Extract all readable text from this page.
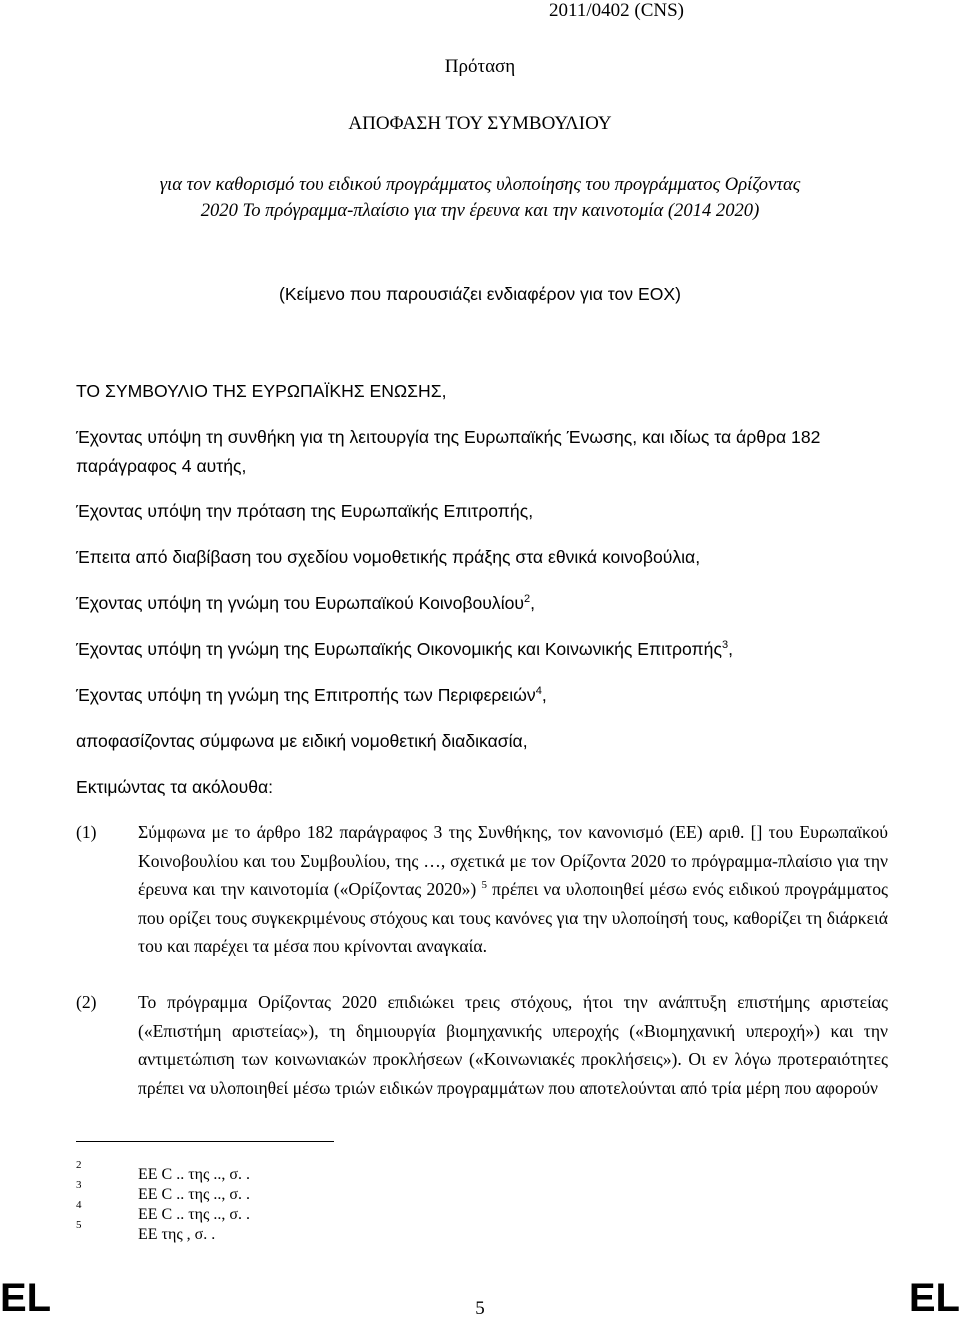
2011/0402 (CNS)
Πρόταση
ΑΠΟΦΑΣΗ ΤΟΥ ΣΥΜΒΟΥΛΙΟΥ
για τον καθορισμό του ειδικού προγράμματος υλοποίησης του προγράμματος Ορίζοντας
2020 Το πρόγραμμα-πλαίσιο για την έρευνα και την καινοτομία (2014 2020)
(Κείμενο που παρουσιάζει ενδιαφέρον για τον ΕΟΧ)
ΤΟ ΣΥΜΒΟΥΛΙΟ ΤΗΣ ΕΥΡΩΠΑΪΚΗΣ ΕΝΩΣΗΣ,
Έχοντας υπόψη τη συνθήκη για τη λειτουργία της Ευρωπαϊκής Ένωσης, και ιδίως τα άρθρα 182 παράγραφος 4 αυτής,
Έχοντας υπόψη την πρόταση της Ευρωπαϊκής Επιτροπής,
Έπειτα από διαβίβαση του σχεδίου νομοθετικής πράξης στα εθνικά κοινοβούλια,
Έχοντας υπόψη τη γνώμη του Ευρωπαϊκού Κοινοβουλίου$^2$,
Έχοντας υπόψη τη γνώμη της Ευρωπαϊκής Οικονομικής και Κοινωνικής Επιτροπής$^3$,
Έχοντας υπόψη τη γνώμη της Επιτροπής των Περιφερειών$^4$,
αποφασίζοντας σύμφωνα με ειδική νομοθετική διαδικασία,
Εκτιμώντας τα ακόλουθα:
(1) Σύμφωνα με το άρθρο 182 παράγραφος 3 της Συνθήκης, τον κανονισμό (ΕΕ) αριθ. [] του Ευρωπαϊκού Κοινοβουλίου και του Συμβουλίου, της …, σχετικά με τον Ορίζοντα 2020 το πρόγραμμα-πλαίσιο για την έρευνα και την καινοτομία («Ορίζοντας 2020») $^5$ πρέπει να υλοποιηθεί μέσω ενός ειδικού προγράμματος που ορίζει τους συγκεκριμένους στόχους και τους κανόνες για την υλοποίησή τους, καθορίζει τη διάρκειά του και παρέχει τα μέσα που κρίνονται αναγκαία.
(2) Το πρόγραμμα Ορίζοντας 2020 επιδιώκει τρεις στόχους, ήτοι την ανάπτυξη επιστήμης αριστείας («Επιστήμη αριστείας»), τη δημιουργία βιομηχανικής υπεροχής («Βιομηχανική υπεροχή») και την αντιμετώπιση των κοινωνιακών προκλήσεων («Κοινωνιακές προκλήσεις»). Οι εν λόγω προτεραιότητες πρέπει να υλοποιηθεί μέσω τριών ειδικών προγραμμάτων που αποτελούνται από τρία μέρη που αφορούν
2
ΕΕ C .. της .., σ. .
3
ΕΕ C .. της .., σ. .
4
ΕΕ C .. της .., σ. .
5
ΕΕ της , σ. .
EL	5	EL
